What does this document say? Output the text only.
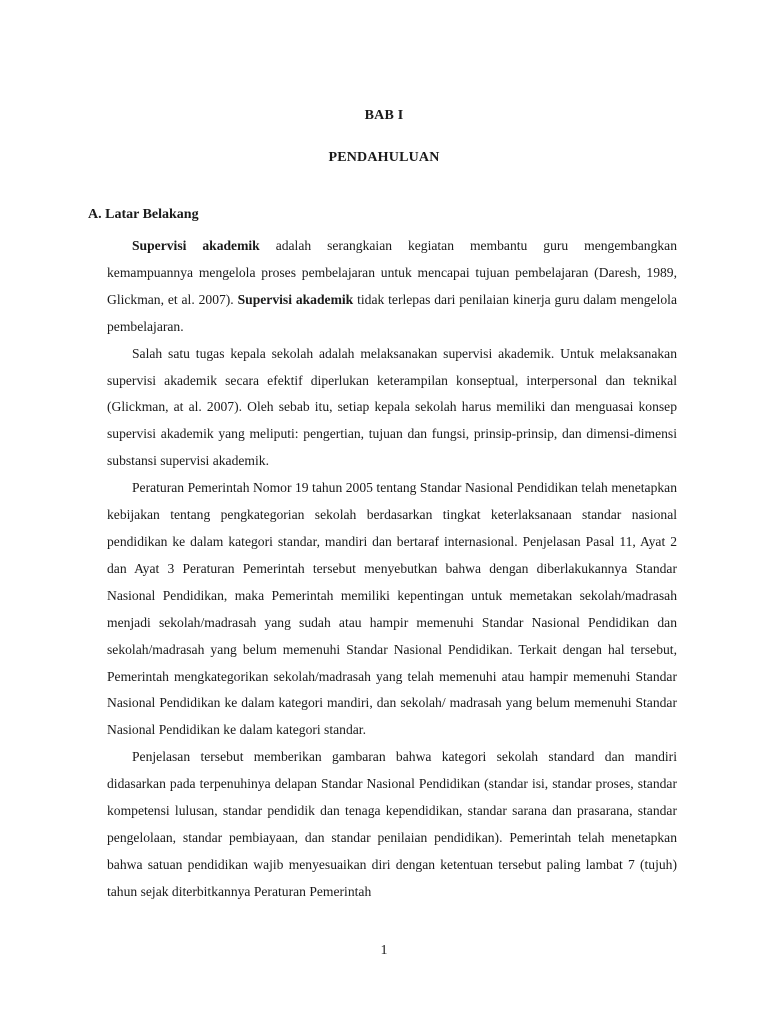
BAB I
PENDAHULUAN
A. Latar Belakang

Supervisi akademik adalah serangkaian kegiatan membantu guru mengembangkan kemampuannya mengelola proses pembelajaran untuk mencapai tujuan pembelajaran (Daresh, 1989, Glickman, et al. 2007). Supervisi akademik tidak terlepas dari penilaian kinerja guru dalam mengelola pembelajaran.

Salah satu tugas kepala sekolah adalah melaksanakan supervisi akademik. Untuk melaksanakan supervisi akademik secara efektif diperlukan keterampilan konseptual, interpersonal dan teknikal (Glickman, at al. 2007). Oleh sebab itu, setiap kepala sekolah harus memiliki dan menguasai konsep supervisi akademik yang meliputi: pengertian, tujuan dan fungsi, prinsip-prinsip, dan dimensi-dimensi substansi supervisi akademik.

Peraturan Pemerintah Nomor 19 tahun 2005 tentang Standar Nasional Pendidikan telah menetapkan kebijakan tentang pengkategorian sekolah berdasarkan tingkat keterlaksanaan standar nasional pendidikan ke dalam kategori standar, mandiri dan bertaraf internasional. Penjelasan Pasal 11, Ayat 2 dan Ayat 3 Peraturan Pemerintah tersebut menyebutkan bahwa dengan diberlakukannya Standar Nasional Pendidikan, maka Pemerintah memiliki kepentingan untuk memetakan sekolah/madrasah menjadi sekolah/madrasah yang sudah atau hampir memenuhi Standar Nasional Pendidikan dan sekolah/madrasah yang belum memenuhi Standar Nasional Pendidikan. Terkait dengan hal tersebut, Pemerintah mengkategorikan sekolah/madrasah yang telah memenuhi atau hampir memenuhi Standar Nasional Pendidikan ke dalam kategori mandiri, dan sekolah/ madrasah yang belum memenuhi Standar Nasional Pendidikan ke dalam kategori standar.

Penjelasan tersebut memberikan gambaran bahwa kategori sekolah standard dan mandiri didasarkan pada terpenuhinya delapan Standar Nasional Pendidikan (standar isi, standar proses, standar kompetensi lulusan, standar pendidik dan tenaga kependidikan, standar sarana dan prasarana, standar pengelolaan, standar pembiayaan, dan standar penilaian pendidikan). Pemerintah telah menetapkan bahwa satuan pendidikan wajib menyesuaikan diri dengan ketentuan tersebut paling lambat 7 (tujuh) tahun sejak diterbitkannya Peraturan Pemerintah

1
